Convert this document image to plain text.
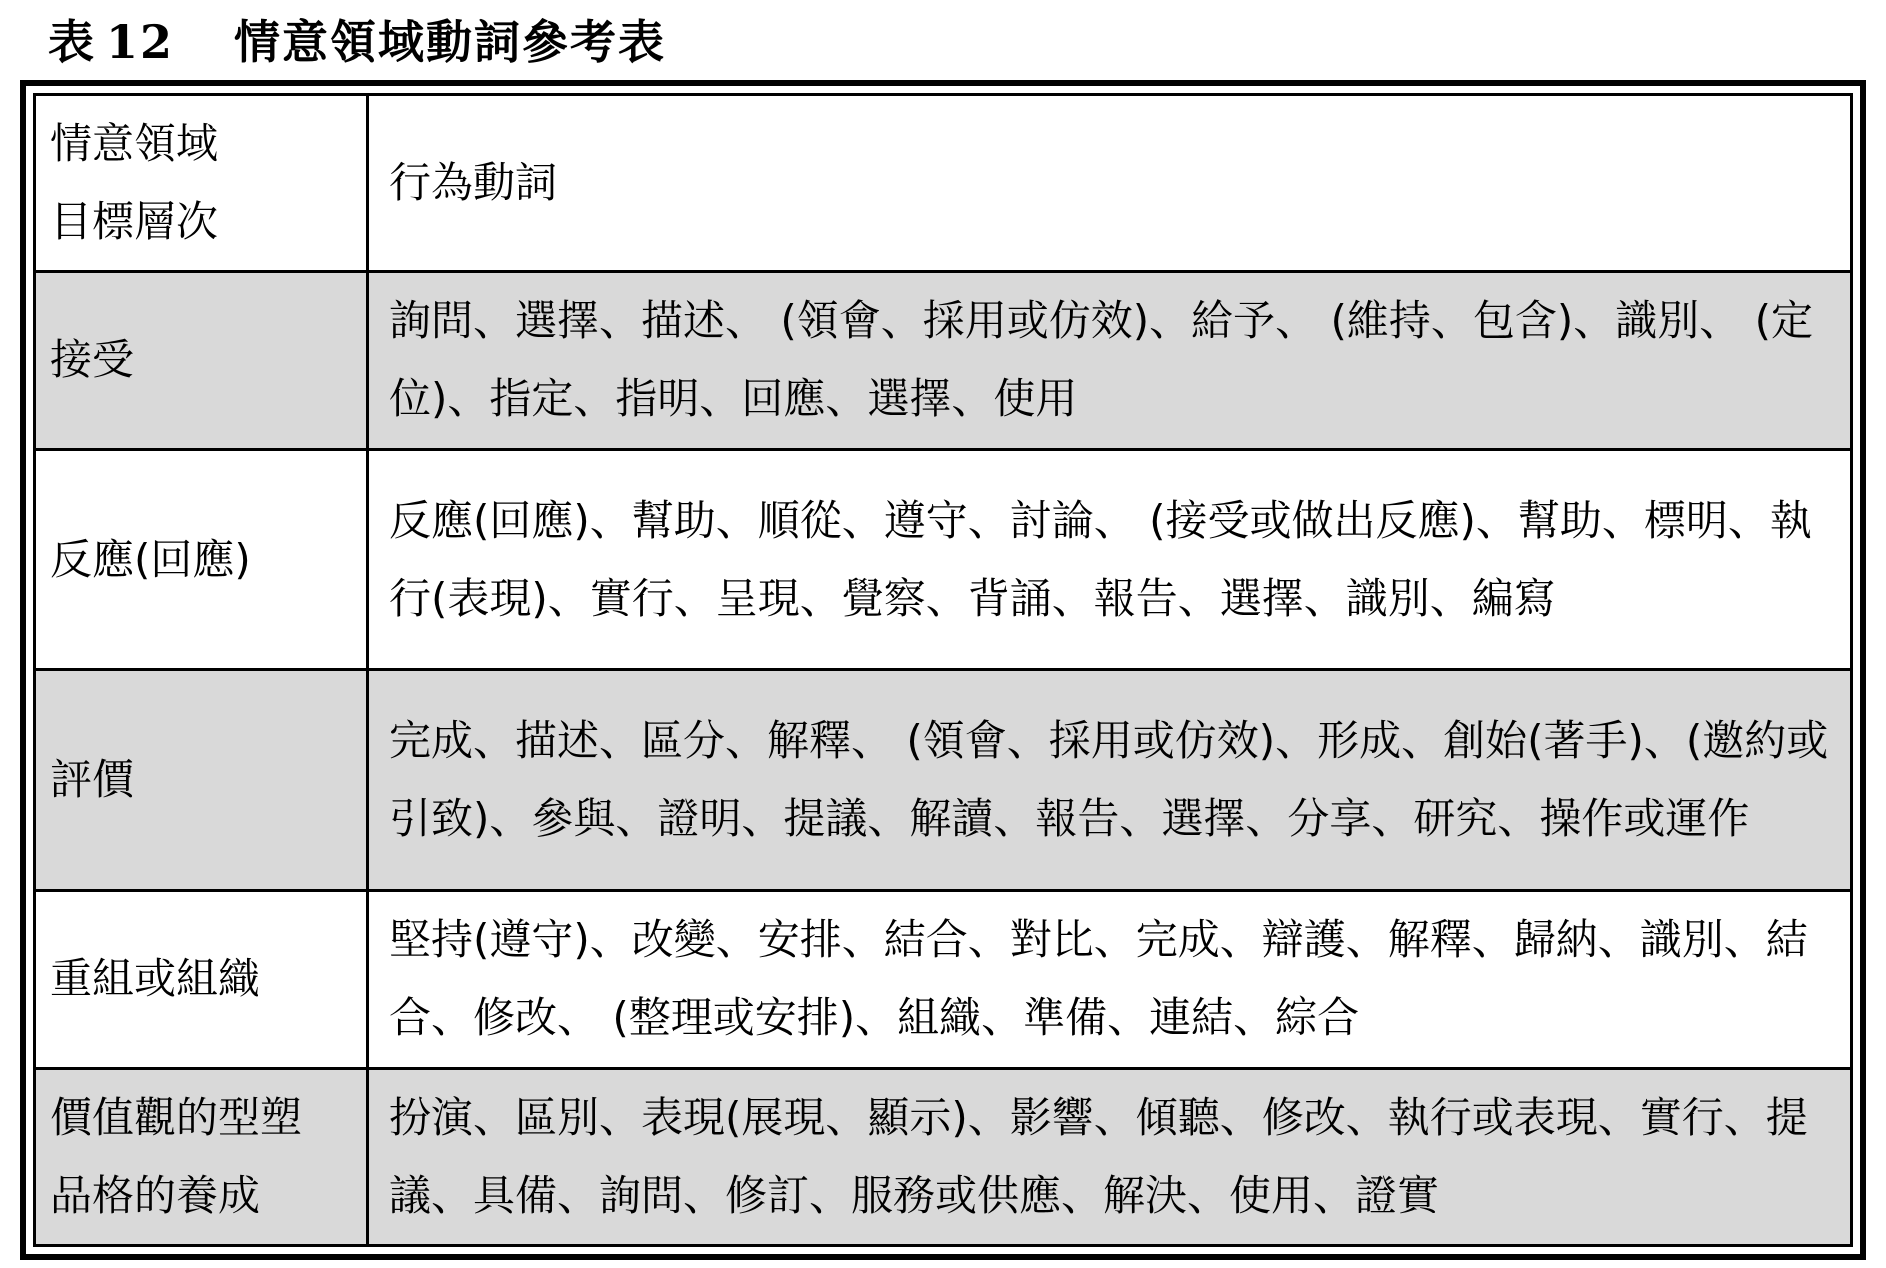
表 12 情意領域動詞參考表
情意領域
目標層次	行為動詞
接受	詢問、選擇、描述、 (領會、採用或仿效)、給予、 (維持、包含)、識別、 (定位)、指定、指明、回應、選擇、使用
反應(回應)	反應(回應)、幫助、順從、遵守、討論、 (接受或做出反應)、幫助、標明、執行(表現)、實行、呈現、覺察、背誦、報告、選擇、識別、編寫
評價	完成、描述、區分、解釋、 (領會、採用或仿效)、形成、創始(著手)、(邀約或引致)、參與、證明、提議、解讀、報告、選擇、分享、研究、操作或運作
重組或組織	堅持(遵守)、改變、安排、結合、對比、完成、辯護、解釋、歸納、識別、結合、修改、 (整理或安排)、組織、準備、連結、綜合

價值觀的型塑
品格的養成	扮演、區別、表現(展現、顯示)、影響、傾聽、修改、執行或表現、實行、提議、具備、詢問、修訂、服務或供應、解決、使用、證實
